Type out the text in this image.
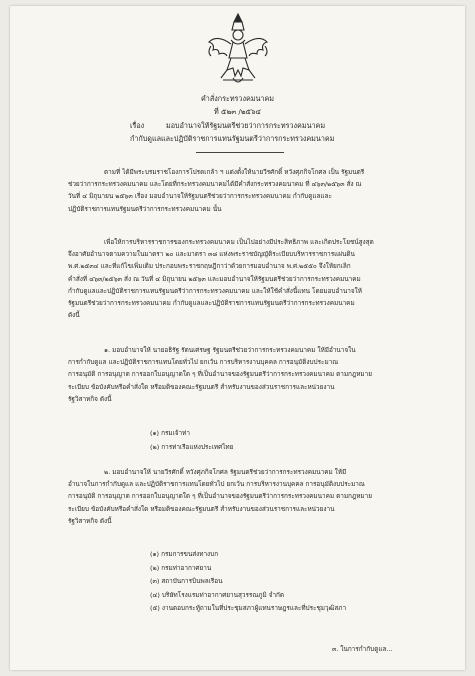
คำสั่งกระทรวงคมนาคม
ที่ ๕๒๓ /๒๕๖๔
เรื่อง	มอบอำนาจให้รัฐมนตรีช่วยว่าการกระทรวงคมนาคม
กำกับดูแลและปฏิบัติราชการแทนรัฐมนตรีว่าการกระทรวงคมนาคม
ตามที่ ได้มีพระบรมราชโองการโปรดเกล้า ฯ แต่งตั้งให้นายวีรศักดิ์ หวังศุภกิจโกศล เป็น รัฐมนตรี
ช่วยว่าการกระทรวงคมนาคม และโดยที่กระทรวงคมนาคมได้มีคำสั่งกระทรวงคมนาคม ที่ ๔๖๓/๒๕๖๓ สั่ง ณ
วันที่ ๔ มิถุนายน ๒๕๖๓ เรื่อง มอบอำนาจให้รัฐมนตรีช่วยว่าการกระทรวงคมนาคม กำกับดูแลและ
ปฏิบัติราชการแทนรัฐมนตรีว่าการกระทรวงคมนาคม นั้น
เพื่อให้การบริหารราชการของกระทรวงคมนาคม เป็นไปอย่างมีประสิทธิภาพ และเกิดประโยชน์สูงสุด
จึงอาศัยอำนาจตามความในมาตรา ๒๐ และมาตรา ๓๘ แห่งพระราชบัญญัติระเบียบบริหารราชการแผ่นดิน
พ.ศ.๒๕๓๔ และที่แก้ไขเพิ่มเติม ประกอบพระราชกฤษฎีกาว่าด้วยการมอบอำนาจ พ.ศ.๒๕๕๐ จึงให้ยกเลิก
คำสั่งที่ ๔๖๓/๒๕๖๓ สั่ง ณ วันที่ ๔ มิถุนายน ๒๕๖๓ และมอบอำนาจให้รัฐมนตรีช่วยว่าการกระทรวงคมนาคม
กำกับดูแลและปฏิบัติราชการแทนรัฐมนตรีว่าการกระทรวงคมนาคม และให้ใช้คำสั่งนี้แทน โดยมอบอำนาจให้
รัฐมนตรีช่วยว่าการกระทรวงคมนาคม กำกับดูแลและปฏิบัติราชการแทนรัฐมนตรีว่าการกระทรวงคมนาคม
ดังนี้
๑. มอบอำนาจให้ นายอธิรัฐ รัตนเศรษฐ รัฐมนตรีช่วยว่าการกระทรวงคมนาคม ให้มีอำนาจใน
การกำกับดูแล และปฏิบัติราชการแทนโดยทั่วไป ยกเว้น การบริหารงานบุคคล การอนุมัติงบประมาณ
การอนุมัติ การอนุญาต การออกใบอนุญาตใด ๆ ที่เป็นอำนาจของรัฐมนตรีว่าการกระทรวงคมนาคม ตามกฎหมาย
ระเบียบ ข้อบังคับหรือคำสั่งใด หรือมติของคณะรัฐมนตรี สำหรับงานของส่วนราชการและหน่วยงาน
รัฐวิสาหกิจ ดังนี้
(๑) กรมเจ้าท่า
(๒) การท่าเรือแห่งประเทศไทย
๒. มอบอำนาจให้ นายวีรศักดิ์ หวังศุภกิจโกศล รัฐมนตรีช่วยว่าการกระทรวงคมนาคม ให้มี
อำนาจในการกำกับดูแล และปฏิบัติราชการแทนโดยทั่วไป ยกเว้น การบริหารงานบุคคล การอนุมัติงบประมาณ
การอนุมัติ การอนุญาต การออกใบอนุญาตใด ๆ ที่เป็นอำนาจของรัฐมนตรีว่าการกระทรวงคมนาคม ตามกฎหมาย
ระเบียบ ข้อบังคับหรือคำสั่งใด หรือมติของคณะรัฐมนตรี สำหรับงานของส่วนราชการและหน่วยงาน
รัฐวิสาหกิจ ดังนี้
(๑) กรมการขนส่งทางบก
(๒) กรมท่าอากาศยาน
(๓) สถาบันการบินพลเรือน
(๔) บริษัทโรงแรมท่าอากาศยานสุวรรณภูมิ จำกัด
(๕) งานตอบกระทู้ถามในที่ประชุมสภาผู้แทนราษฎรและที่ประชุมวุฒิสภา
๓. ในการกำกับดูแล...
